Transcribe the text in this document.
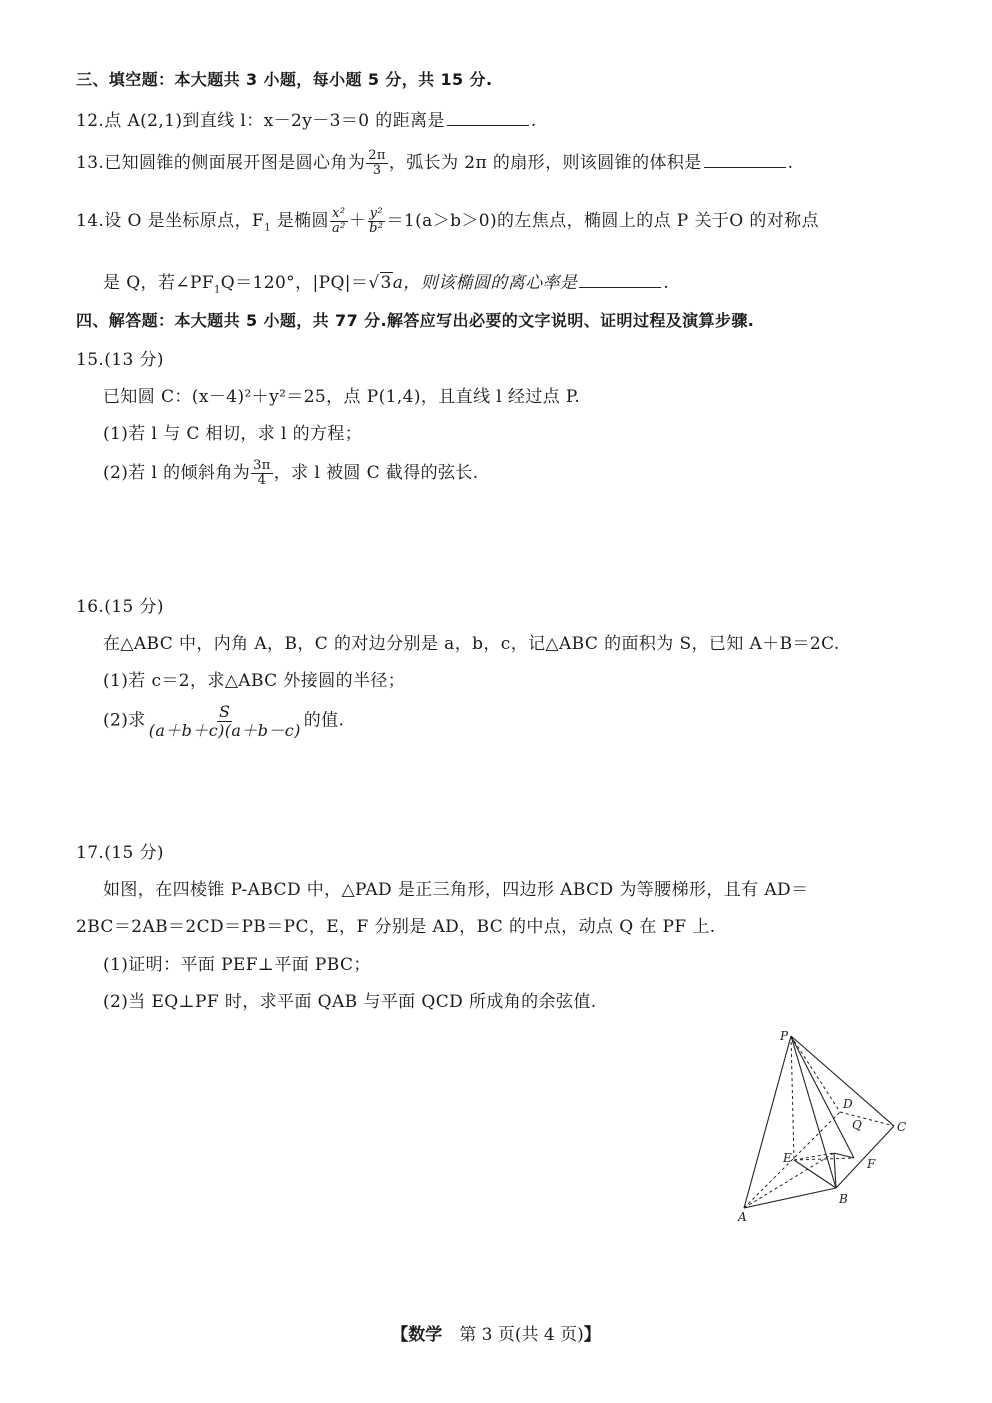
三、填空题：本大题共 3 小题，每小题 5 分，共 15 分.
12.点 A(2,1)到直线 l：x－2y－3＝0 的距离是	.
13.已知圆锥的侧面展开图是圆心角为 $\frac{2\pi}{3}$ ，弧长为 2π 的扇形，则该圆锥的体积是	.
14.设 O 是坐标原点，$F_1$ 是椭圆 $\frac{\text{x²}}{\text{a²}} + \frac{\text{y²}}{\text{b²}} =1(a>b>0)$的左焦点，椭圆上的点 P 关于O 的对称点
是 Q，若$\angle PF_1Q=120^\circ$，|PQ|＝√3a，则该椭圆的离心率是	.
四、解答题：本大题共 5 小题，共 77 分.解答应写出必要的文字说明、证明过程及演算步骤.
15.(13 分)
已知圆 C：(x－4)²＋y²＝25，点 P(1,4)，且直线 l 经过点 P.
(1)若 l 与 C 相切，求 l 的方程；
(2)若 l 的倾斜角为 $\frac{3\pi}{4}$ ，求 l 被圆 C 截得的弦长.
16.(15 分)
在△ABC 中，内角 A，B，C 的对边分别是 a，b，c，记△ABC 的面积为 S，已知 A＋B＝2C.
(1)若 c＝2，求△ABC 外接圆的半径；
(2)求 $\frac{S}{(a+b+c)(a+b-c)}$ 的值.
17.(15 分)
如图，在四棱锥 P-ABCD 中，△PAD 是正三角形，四边形 ABCD 为等腰梯形，且有 AD＝
2BC＝2AB＝2CD＝PB＝PC，E，F 分别是 AD，BC 的中点，动点 Q 在 PF 上.
(1)证明：平面 PEF⊥平面 PBC；
(2)当 EQ⊥PF 时，求平面 QAB 与平面 QCD 所成角的余弦值.
P
D
Q	C
E	F
A
B
【数学　第 3 页(共 4 页)】
